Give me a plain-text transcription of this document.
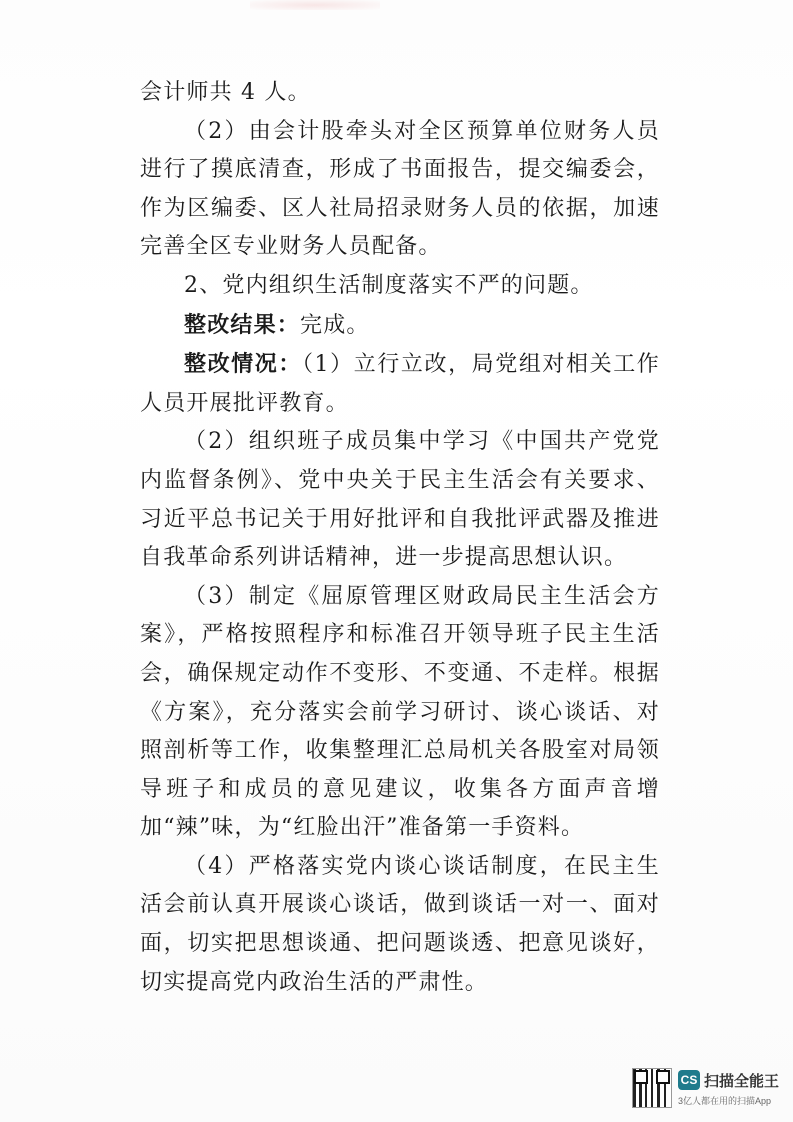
会计师共 4 人。

（2）由会计股牵头对全区预算单位财务人员进行了摸底清查，形成了书面报告，提交编委会，作为区编委、区人社局招录财务人员的依据，加速完善全区专业财务人员配备。

2、党内组织生活制度落实不严的问题。

整改结果：完成。

整改情况：（1）立行立改，局党组对相关工作人员开展批评教育。

（2）组织班子成员集中学习《中国共产党党内监督条例》、党中央关于民主生活会有关要求、习近平总书记关于用好批评和自我批评武器及推进自我革命系列讲话精神，进一步提高思想认识。

（3）制定《屈原管理区财政局民主生活会方案》，严格按照程序和标准召开领导班子民主生活会，确保规定动作不变形、不变通、不走样。根据《方案》，充分落实会前学习研讨、谈心谈话、对照剖析等工作，收集整理汇总局机关各股室对局领导班子和成员的意见建议，收集各方面声音增加“辣”味，为“红脸出汗”准备第一手资料。

（4）严格落实党内谈心谈话制度，在民主生活会前认真开展谈心谈话，做到谈话一对一、面对面，切实把思想谈通、把问题谈透、把意见谈好，切实提高党内政治生活的严肃性。

CS 扫描全能王
3亿人都在用的扫描App
